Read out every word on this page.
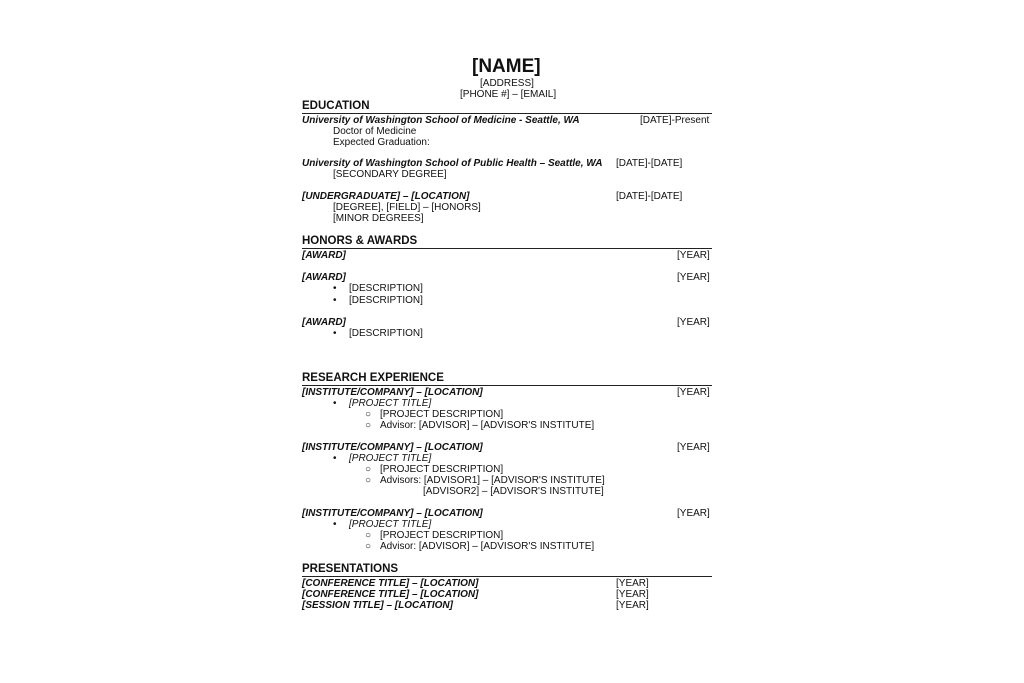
[NAME]
[ADDRESS]
[PHONE #] – [EMAIL]
EDUCATION
University of Washington School of Medicine - Seattle, WA	[DATE]-Present
Doctor of Medicine
Expected Graduation:
University of Washington School of Public Health – Seattle, WA [DATE]-[DATE]
[SECONDARY DEGREE]
[UNDERGRADUATE] – [LOCATION]	[DATE]-[DATE]
[DEGREE], [FIELD] – [HONORS]
[MINOR DEGREES]
HONORS & AWARDS
[AWARD]	[YEAR]
[AWARD]	[YEAR]
• [DESCRIPTION]
• [DESCRIPTION]
[AWARD]	[YEAR]
• [DESCRIPTION]
RESEARCH EXPERIENCE
[INSTITUTE/COMPANY] – [LOCATION]	[YEAR]
• [PROJECT TITLE]
○ [PROJECT DESCRIPTION]
○ Advisor: [ADVISOR] – [ADVISOR'S INSTITUTE]
[INSTITUTE/COMPANY] – [LOCATION]	[YEAR]
• [PROJECT TITLE]
○ [PROJECT DESCRIPTION]
○ Advisors: [ADVISOR1] – [ADVISOR'S INSTITUTE]
[ADVISOR2] – [ADVISOR'S INSTITUTE]
[INSTITUTE/COMPANY] – [LOCATION]	[YEAR]
• [PROJECT TITLE]
○ [PROJECT DESCRIPTION]
○ Advisor: [ADVISOR] – [ADVISOR'S INSTITUTE]
PRESENTATIONS
[CONFERENCE TITLE] – [LOCATION]	[YEAR]
[CONFERENCE TITLE] – [LOCATION]	[YEAR]
[SESSION TITLE] – [LOCATION]	[YEAR]
